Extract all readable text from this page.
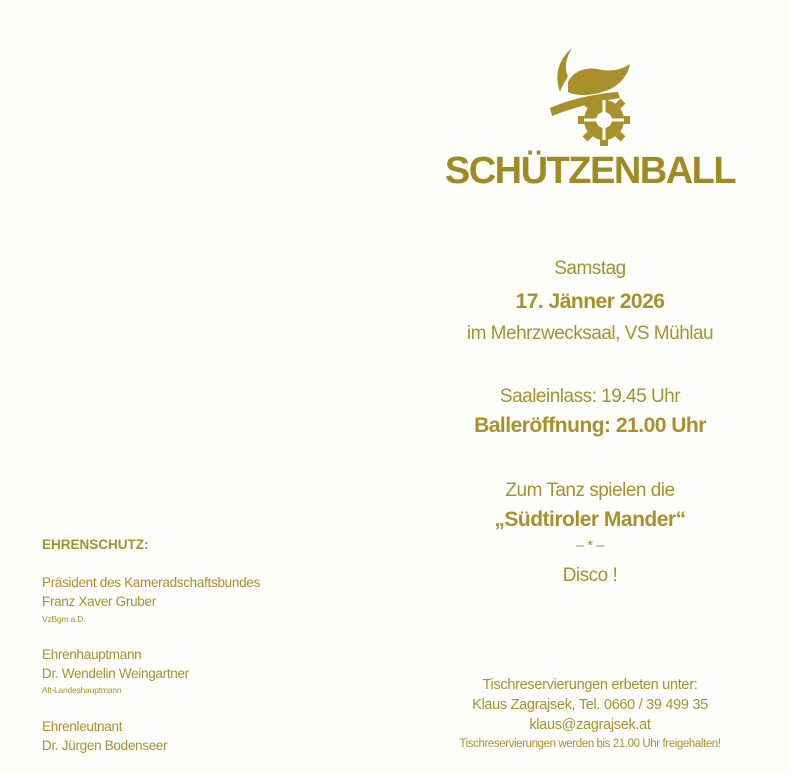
SCHÜTZENBALL
Samstag
17. Jänner 2026
im Mehrzwecksaal, VS Mühlau
Saaleinlass: 19.45 Uhr
Balleröffnung: 21.00 Uhr
Zum Tanz spielen die
„Südtiroler Mander“
– * –
Disco !
Tischreservierungen erbeten unter:
Klaus Zagrajsek, Tel. 0660 / 39 499 35
klaus@zagrajsek.at
Tischreservierungen werden bis 21.00 Uhr freigehalten!
EHRENSCHUTZ:
Präsident des Kameradschaftsbundes
Franz Xaver Gruber
VzBgm a.D.
Ehrenhauptmann
Dr. Wendelin Weingartner
Alt-Landeshauptmann
Ehrenleutnant
Dr. Jürgen Bodenseer
